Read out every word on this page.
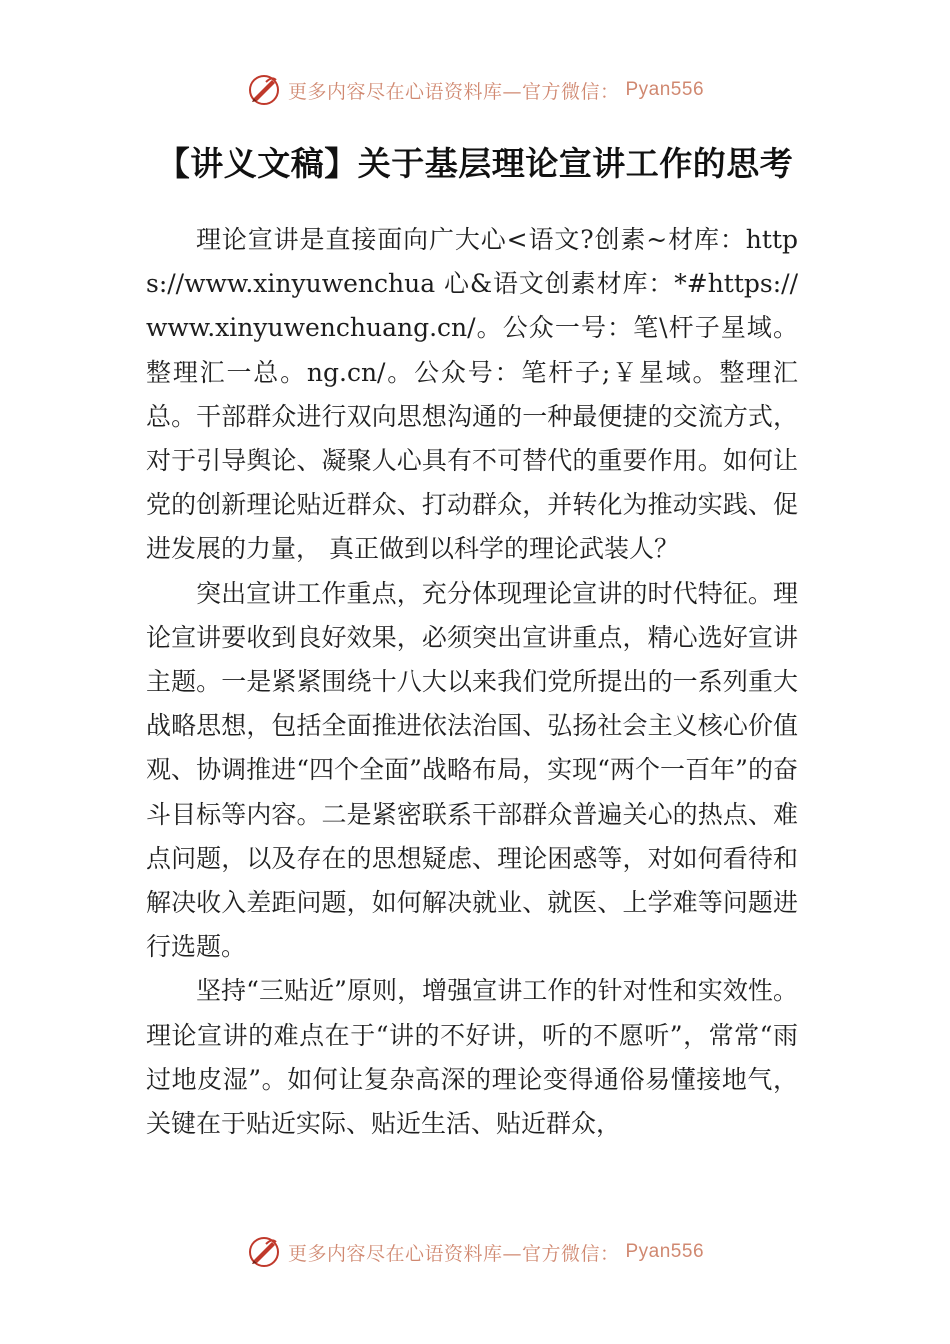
更多内容尽在心语资料库—官方微信： Pyan556
【讲义文稿】关于基层理论宣讲工作的思考

理论宣讲是直接面向广大心<语文?创素~材库：https://www.xinyuwenchua 心&语文创素材库：*#https://www.xinyuwenchuang.cn/。公众一号：笔\杆子星域。整理汇一总。ng.cn/。公众号：笔杆子;￥星域。整理汇总。干部群众进行双向思想沟通的一种最便捷的交流方式，对于引导舆论、凝聚人心具有不可替代的重要作用。如何让党的创新理论贴近群众、打动群众，并转化为推动实践、促进发展的力量， 真正做到以科学的理论武装人？

突出宣讲工作重点，充分体现理论宣讲的时代特征。理论宣讲要收到良好效果，必须突出宣讲重点，精心选好宣讲主题。一是紧紧围绕十八大以来我们党所提出的一系列重大战略思想，包括全面推进依法治国、弘扬社会主义核心价值观、协调推进“四个全面”战略布局，实现“两个一百年”的奋斗目标等内容。二是紧密联系干部群众普遍关心的热点、难点问题，以及存在的思想疑虑、理论困惑等，对如何看待和解决收入差距问题，如何解决就业、就医、上学难等问题进行选题。

坚持“三贴近”原则，增强宣讲工作的针对性和实效性。理论宣讲的难点在于“讲的不好讲，听的不愿听”，常常“雨过地皮湿”。如何让复杂高深的理论变得通俗易懂接地气，关键在于贴近实际、贴近生活、贴近群众，

更多内容尽在心语资料库—官方微信： Pyan556
